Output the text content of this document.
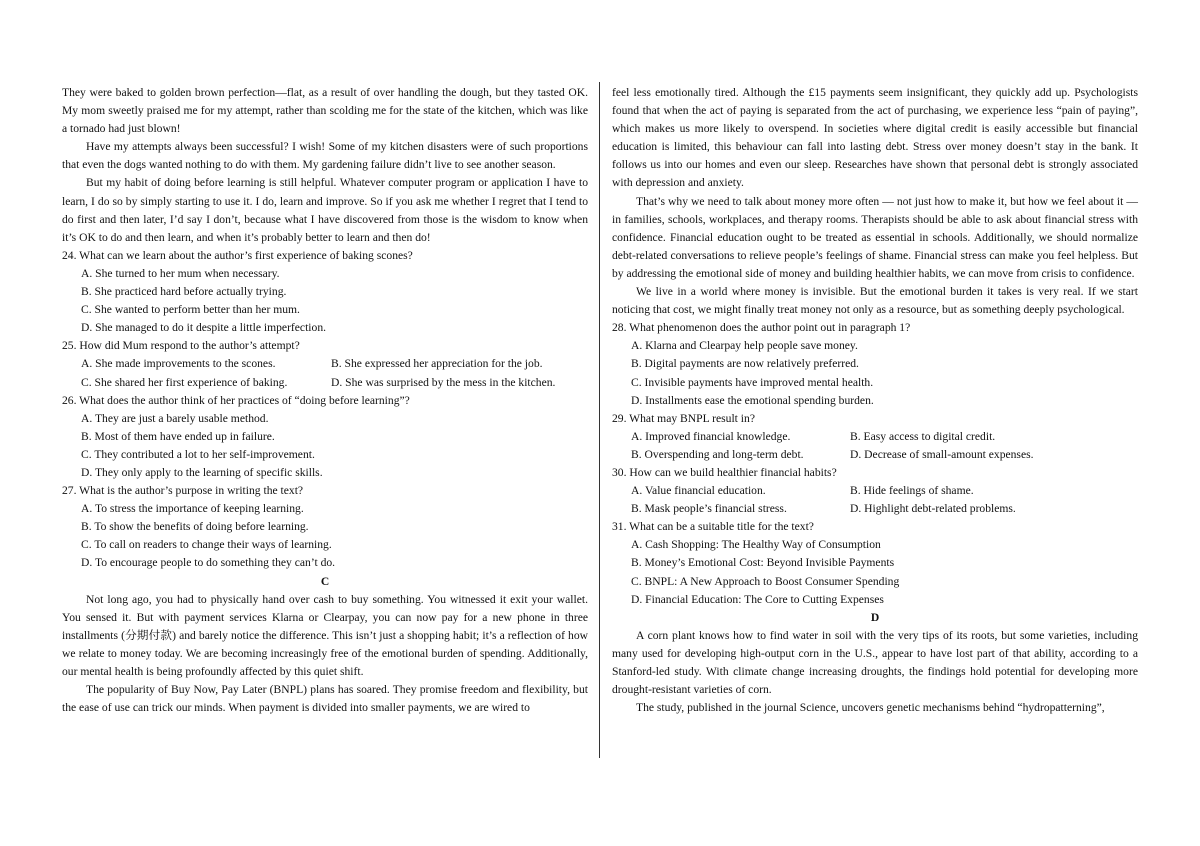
They were baked to golden brown perfection—flat, as a result of over handling the dough, but they tasted OK. My mom sweetly praised me for my attempt, rather than scolding me for the state of the kitchen, which was like a tornado had just blown!

Have my attempts always been successful? I wish! Some of my kitchen disasters were of such proportions that even the dogs wanted nothing to do with them. My gardening failure didn’t live to see another season.

But my habit of doing before learning is still helpful. Whatever computer program or application I have to learn, I do so by simply starting to use it. I do, learn and improve. So if you ask me whether I regret that I tend to do first and then later, I’d say I don’t, because what I have discovered from those is the wisdom to know when it’s OK to do and then learn, and when it’s probably better to learn and then do!

24. What can we learn about the author’s first experience of baking scones?

A. She turned to her mum when necessary.
B. She practiced hard before actually trying.
C. She wanted to perform better than her mum.
D. She managed to do it despite a little imperfection.

25. How did Mum respond to the author’s attempt?

A. She made improvements to the scones.	B. She expressed her appreciation for the job.
C. She shared her first experience of baking.	D. She was surprised by the mess in the kitchen.

26. What does the author think of her practices of “doing before learning”?

A. They are just a barely usable method.
B. Most of them have ended up in failure.
C. They contributed a lot to her self-improvement.
D. They only apply to the learning of specific skills.

27. What is the author’s purpose in writing the text?

A. To stress the importance of keeping learning.
B. To show the benefits of doing before learning.
C. To call on readers to change their ways of learning.
D. To encourage people to do something they can’t do.

C

Not long ago, you had to physically hand over cash to buy something. You witnessed it exit your wallet. You sensed it. But with payment services Klarna or Clearpay, you can now pay for a new phone in three installments (分期付款) and barely notice the difference. This isn’t just a shopping habit; it’s a reflection of how we relate to money today. We are becoming increasingly free of the emotional burden of spending. Additionally, our mental health is being profoundly affected by this quiet shift.

The popularity of Buy Now, Pay Later (BNPL) plans has soared. They promise freedom and flexibility, but the ease of use can trick our minds. When payment is divided into smaller payments, we are wired to

feel less emotionally tired. Although the £15 payments seem insignificant, they quickly add up. Psychologists found that when the act of paying is separated from the act of purchasing, we experience less “pain of paying”, which makes us more likely to overspend. In societies where digital credit is easily accessible but financial education is limited, this behaviour can fall into lasting debt. Stress over money doesn’t stay in the bank. It follows us into our homes and even our sleep. Researches have shown that personal debt is strongly associated with depression and anxiety.

That’s why we need to talk about money more often — not just how to make it, but how we feel about it — in families, schools, workplaces, and therapy rooms. Therapists should be able to ask about financial stress with confidence. Financial education ought to be treated as essential in schools. Additionally, we should normalize debt-related conversations to relieve people’s feelings of shame. Financial stress can make you feel helpless. But by addressing the emotional side of money and building healthier habits, we can move from crisis to confidence.

We live in a world where money is invisible. But the emotional burden it takes is very real. If we start noticing that cost, we might finally treat money not only as a resource, but as something deeply psychological.

28. What phenomenon does the author point out in paragraph 1?

A. Klarna and Clearpay help people save money.
B. Digital payments are now relatively preferred.
C. Invisible payments have improved mental health.
D. Installments ease the emotional spending burden.

29. What may BNPL result in?

A. Improved financial knowledge.	B. Easy access to digital credit.
B. Overspending and long-term debt.	D. Decrease of small-amount expenses.

30. How can we build healthier financial habits?

A. Value financial education.	B. Hide feelings of shame.
B. Mask people’s financial stress.	D. Highlight debt-related problems.

31. What can be a suitable title for the text?

A. Cash Shopping: The Healthy Way of Consumption
B. Money’s Emotional Cost: Beyond Invisible Payments
C. BNPL: A New Approach to Boost Consumer Spending
D. Financial Education: The Core to Cutting Expenses

D

A corn plant knows how to find water in soil with the very tips of its roots, but some varieties, including many used for developing high-output corn in the U.S., appear to have lost part of that ability, according to a Stanford-led study. With climate change increasing droughts, the findings hold potential for developing more drought-resistant varieties of corn.

The study, published in the journal Science, uncovers genetic mechanisms behind “hydropatterning”,
